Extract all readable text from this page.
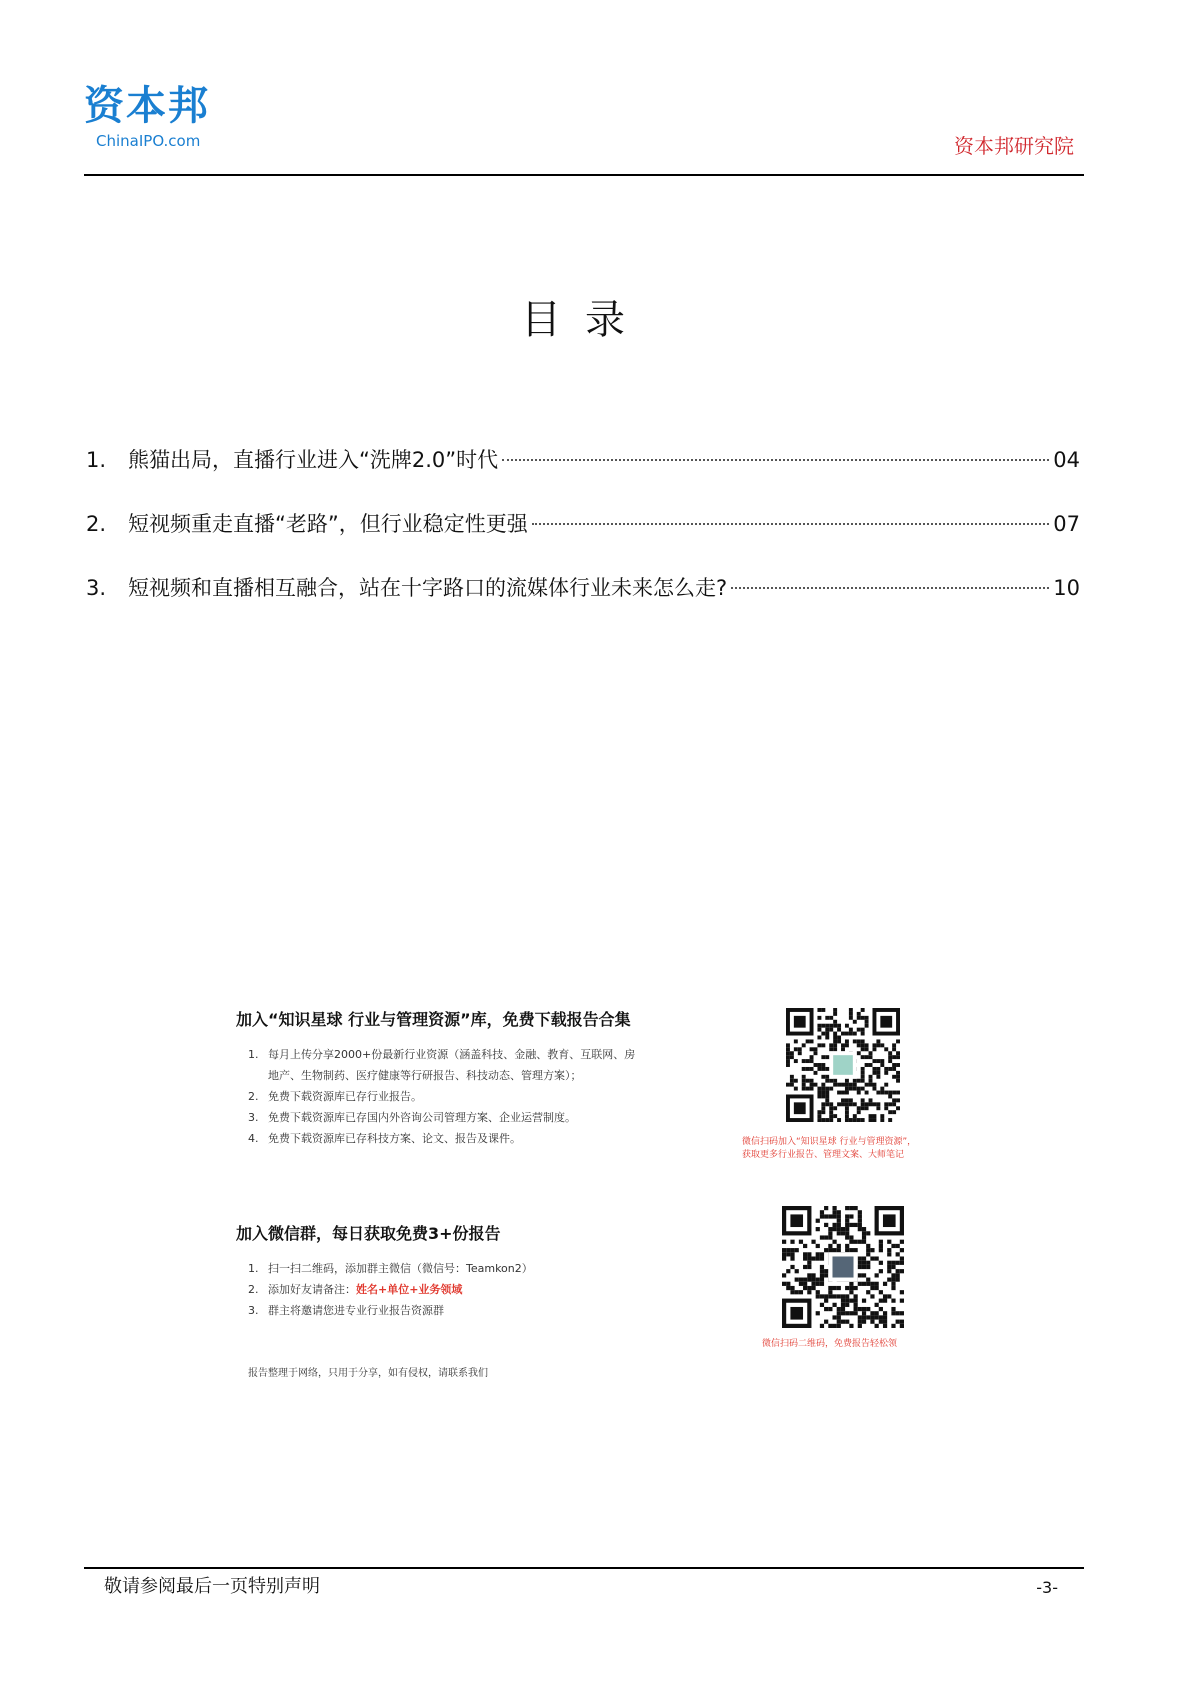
资本邦
ChinaIPO.com	资本邦研究院
目录
1.	熊猫出局，直播行业进入“洗牌2.0”时代	04
2.	短视频重走直播“老路”，但行业稳定性更强	07
3.	短视频和直播相互融合，站在十字路口的流媒体行业未来怎么走?	10
加入“知识星球 行业与管理资源”库，免费下载报告合集
1. 每月上传分享2000+份最新行业资源（涵盖科技、金融、教育、互联网、房
地产、生物制药、医疗健康等行研报告、科技动态、管理方案）；
2. 免费下载资源库已存行业报告。
3. 免费下载资源库已存国内外咨询公司管理方案、企业运营制度。
4. 免费下载资源库已存科技方案、论文、报告及课件。	微信扫码加入“知识星球 行业与管理资源”，
获取更多行业报告、管理文案、大师笔记
加入微信群，每日获取免费3+份报告
1. 扫一扫二维码，添加群主微信（微信号：Teamkon2）
2. 添加好友请备注：姓名+单位+业务领域
3. 群主将邀请您进专业行业报告资源群
微信扫码二维码，免费报告轻松领
报告整理于网络，只用于分享，如有侵权，请联系我们
敬请参阅最后一页特别声明	-3-
